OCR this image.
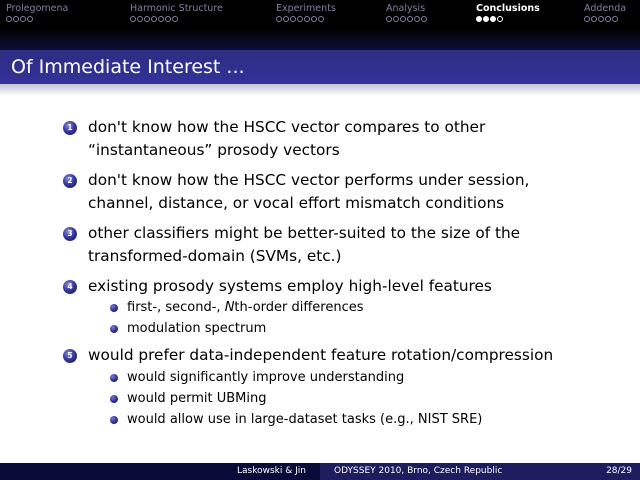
Prolegomena	Harmonic Structure	Experiments	Analysis	Conclusions	Addenda
Of Immediate Interest ...
1 don't know how the HSCC vector compares to other
“instantaneous” prosody vectors
2 don't know how the HSCC vector performs under session,
channel, distance, or vocal effort mismatch conditions
3 other classifiers might be better-suited to the size of the
transformed-domain (SVMs, etc.)
4 existing prosody systems employ high-level features
first-, second-, Nth-order differences
modulation spectrum
5 would prefer data-independent feature rotation/compression
would significantly improve understanding
would permit UBMing
would allow use in large-dataset tasks (e.g., NIST SRE)
Laskowski & Jin	ODYSSEY 2010, Brno, Czech Republic	28/29
